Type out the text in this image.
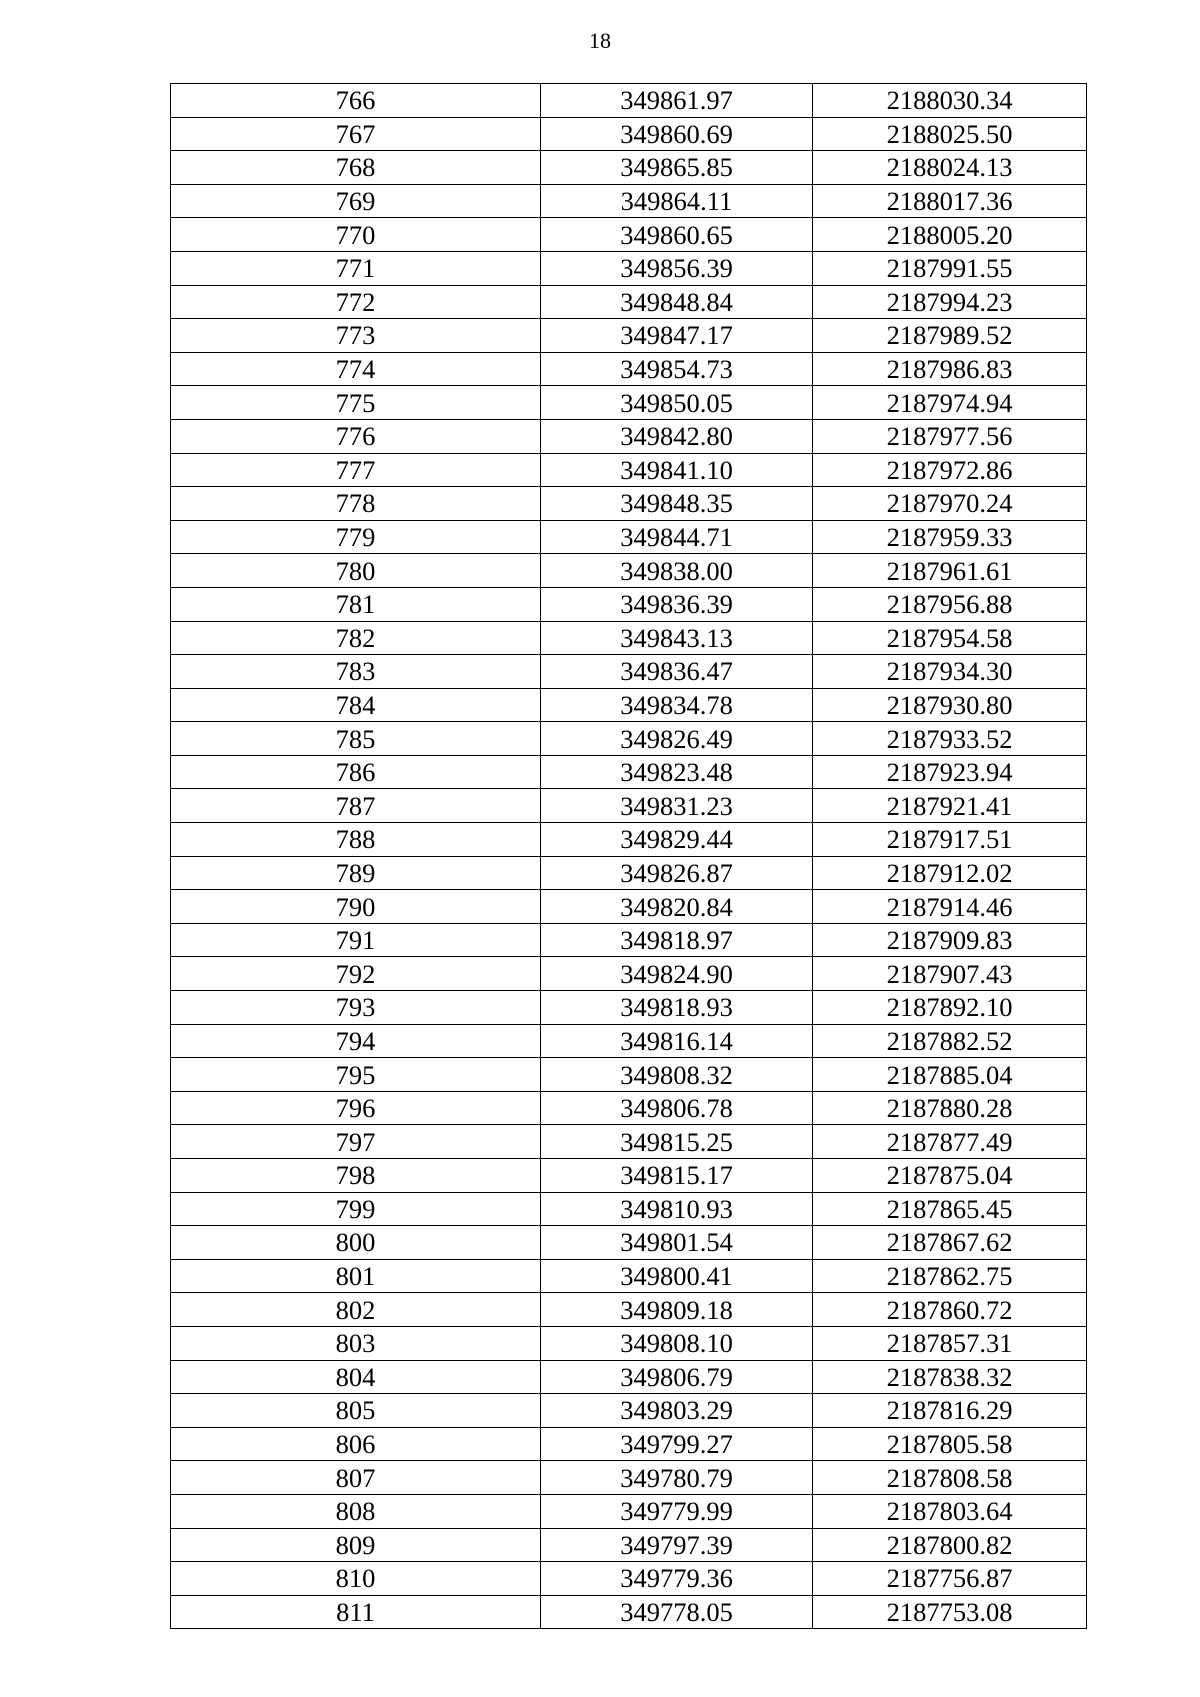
18
766	349861.97	2188030.34
767	349860.69	2188025.50
768	349865.85	2188024.13
769	349864.11	2188017.36
770	349860.65	2188005.20
771	349856.39	2187991.55
772	349848.84	2187994.23
773	349847.17	2187989.52
774	349854.73	2187986.83
775	349850.05	2187974.94
776	349842.80	2187977.56
777	349841.10	2187972.86
778	349848.35	2187970.24
779	349844.71	2187959.33
780	349838.00	2187961.61
781	349836.39	2187956.88
782	349843.13	2187954.58
783	349836.47	2187934.30
784	349834.78	2187930.80
785	349826.49	2187933.52
786	349823.48	2187923.94
787	349831.23	2187921.41
788	349829.44	2187917.51
789	349826.87	2187912.02
790	349820.84	2187914.46
791	349818.97	2187909.83
792	349824.90	2187907.43
793	349818.93	2187892.10
794	349816.14	2187882.52
795	349808.32	2187885.04
796	349806.78	2187880.28
797	349815.25	2187877.49
798	349815.17	2187875.04
799	349810.93	2187865.45
800	349801.54	2187867.62
801	349800.41	2187862.75
802	349809.18	2187860.72
803	349808.10	2187857.31
804	349806.79	2187838.32
805	349803.29	2187816.29
806	349799.27	2187805.58
807	349780.79	2187808.58
808	349779.99	2187803.64
809	349797.39	2187800.82
810	349779.36	2187756.87
811	349778.05	2187753.08
